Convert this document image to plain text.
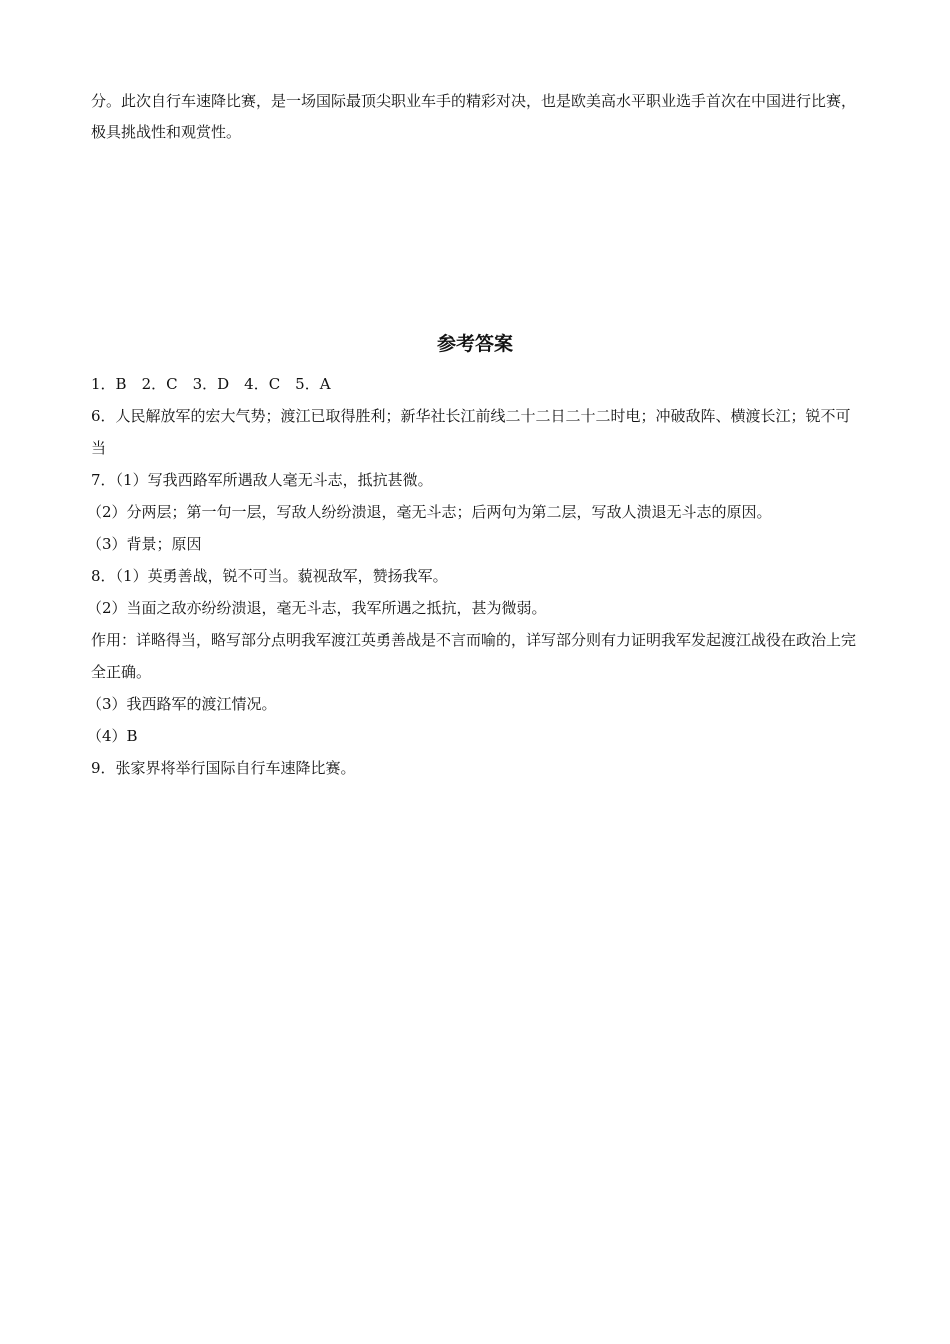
分。此次自行车速降比赛，是一场国际最顶尖职业车手的精彩对决，也是欧美高水平职业选手首次在中国进行比赛，极具挑战性和观赏性。

参考答案
1．B　2．C　3．D　4．C　5．A
6．人民解放军的宏大气势；渡江已取得胜利；新华社长江前线二十二日二十二时电；冲破敌阵、横渡长江；锐不可当
7．（1）写我西路军所遇敌人毫无斗志，抵抗甚微。
（2）分两层；第一句一层，写敌人纷纷溃退，毫无斗志；后两句为第二层，写敌人溃退无斗志的原因。
（3）背景；原因
8．（1）英勇善战，锐不可当。藐视敌军，赞扬我军。
（2）当面之敌亦纷纷溃退，毫无斗志，我军所遇之抵抗，甚为微弱。
作用：详略得当，略写部分点明我军渡江英勇善战是不言而喻的，详写部分则有力证明我军发起渡江战役在政治上完全正确。
（3）我西路军的渡江情况。
（4）B
9．张家界将举行国际自行车速降比赛。
